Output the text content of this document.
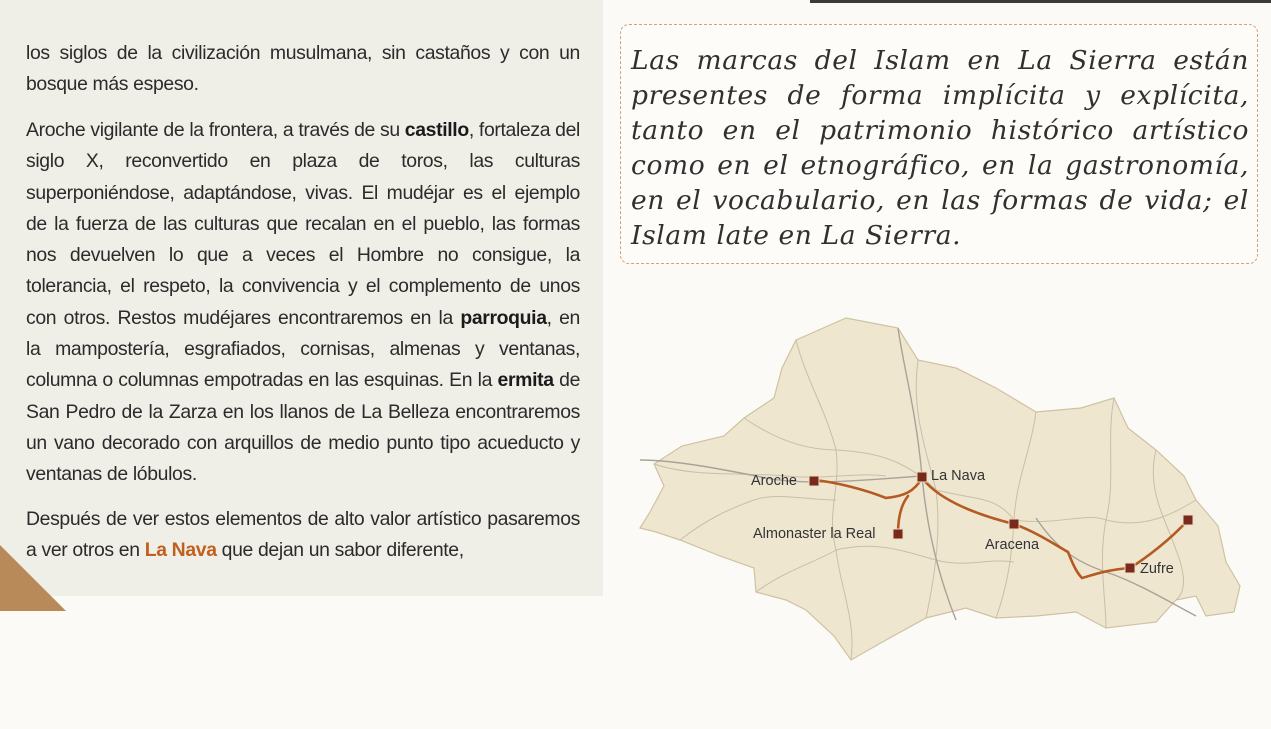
los siglos de la civilización musulmana, sin castaños y con un bosque más espeso.

Aroche vigilante de la frontera, a través de su castillo, fortaleza del siglo X, reconvertido en plaza de toros, las culturas superponiéndose, adaptándose, vivas. El mudéjar es el ejemplo de la fuerza de las culturas que recalan en el pueblo, las formas nos devuelven lo que a veces el Hombre no consigue, la tolerancia, el respeto, la convivencia y el complemento de unos con otros. Restos mudéjares encontraremos en la parroquia, en la mampostería, esgrafiados, cornisas, almenas y ventanas, columna o columnas empotradas en las esquinas. En la ermita de San Pedro de la Zarza en los llanos de La Belleza encontraremos un vano decorado con arquillos de medio punto tipo acueducto y ventanas de lóbulos.

Después de ver estos elementos de alto valor artístico pasaremos a ver otros en La Nava que dejan un sabor diferente,

Las marcas del Islam en La Sierra están presentes de forma implícita y explícita, tanto en el patrimonio histórico artístico como en el etnográfico, en la gastronomía, en el vocabulario, en las formas de vida; el Islam late en La Sierra.

Aroche	La Nava
Almonaster la Real
Aracena
Zufre
